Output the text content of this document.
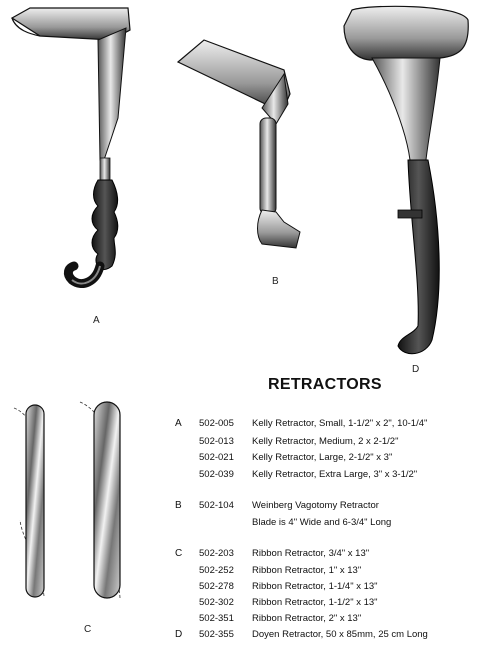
A
B
D
C
RETRACTORS
A 502-005 Kelly Retractor, Small, 1-1/2" x 2", 10-1/4"
502-013 Kelly Retractor, Medium, 2 x 2-1/2"
502-021 Kelly Retractor, Large, 2-1/2" x 3"
502-039 Kelly Retractor, Extra Large, 3" x 3-1/2"
B 502-104 Weinberg Vagotomy Retractor
Blade is 4" Wide and 6-3/4" Long
C 502-203 Ribbon Retractor, 3/4" x 13"
502-252 Ribbon Retractor, 1" x 13"
502-278 Ribbon Retractor, 1-1/4" x 13"
502-302 Ribbon Retractor, 1-1/2" x 13"
502-351 Ribbon Retractor, 2" x 13"
D 502-355 Doyen Retractor, 50 x 85mm, 25 cm Long
